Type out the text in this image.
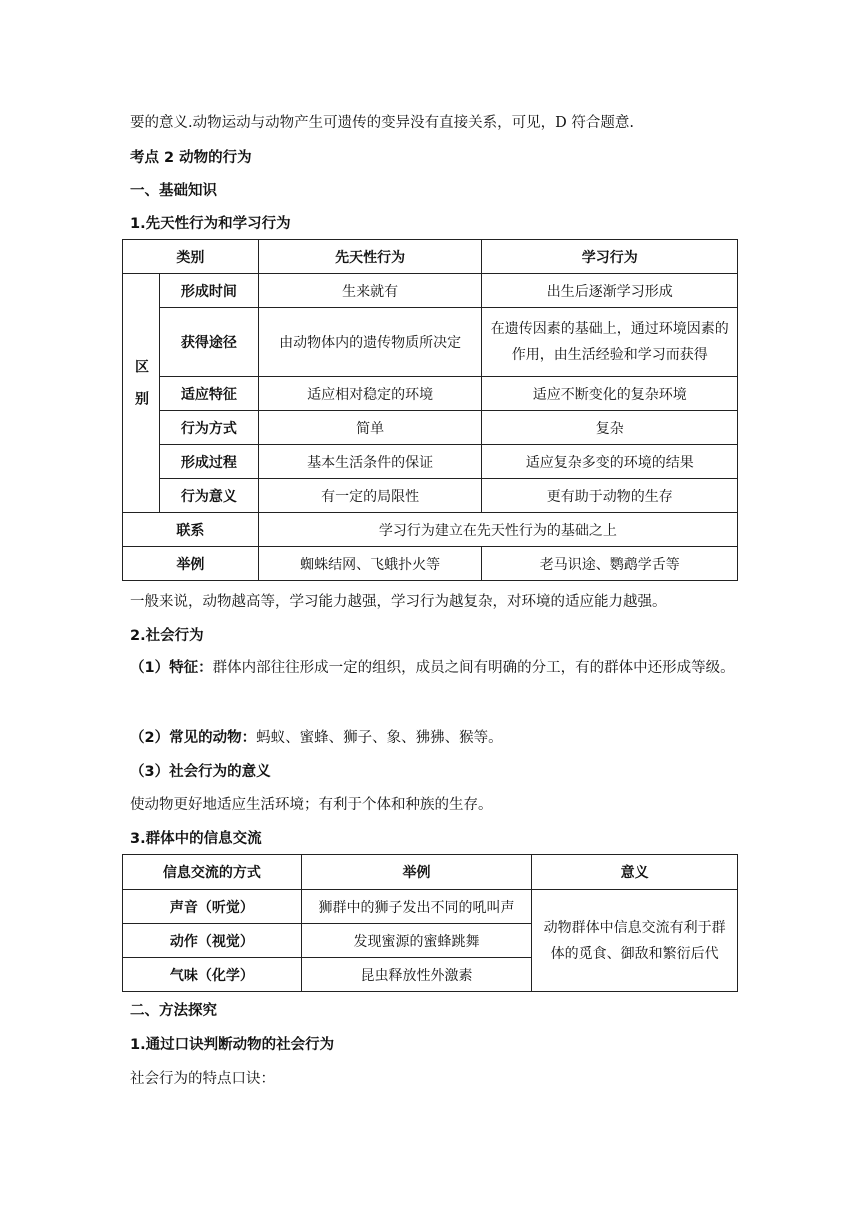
要的意义.动物运动与动物产生可遗传的变异没有直接关系，可见，D 符合题意.
考点 2 动物的行为
一、基础知识
1.先天性行为和学习行为
类别		先天性行为	学习行为
区别	形成时间	生来就有	出生后逐渐学习形成
	获得途径	由动物体内的遗传物质所决定	在遗传因素的基础上，通过环境因素的作用，由生活经验和学习而获得
	适应特征	适应相对稳定的环境	适应不断变化的复杂环境
	行为方式	简单	复杂
	形成过程	基本生活条件的保证	适应复杂多变的环境的结果
	行为意义	有一定的局限性	更有助于动物的生存
联系		学习行为建立在先天性行为的基础之上	
举例		蜘蛛结网、飞蛾扑火等	老马识途、鹦鹉学舌等
一般来说，动物越高等，学习能力越强，学习行为越复杂，对环境的适应能力越强。
2.社会行为
（1）特征：群体内部往往形成一定的组织，成员之间有明确的分工，有的群体中还形成等级。
（2）常见的动物：蚂蚁、蜜蜂、狮子、象、狒狒、猴等。
（3）社会行为的意义
使动物更好地适应生活环境；有利于个体和种族的生存。
3.群体中的信息交流
信息交流的方式	举例	意义
声音（听觉）	狮群中的狮子发出不同的吼叫声	动物群体中信息交流有利于群体的觅食、御敌和繁衍后代
动作（视觉）	发现蜜源的蜜蜂跳舞	
气味（化学）	昆虫释放性外激素	
二、方法探究
1.通过口诀判断动物的社会行为
社会行为的特点口诀：
